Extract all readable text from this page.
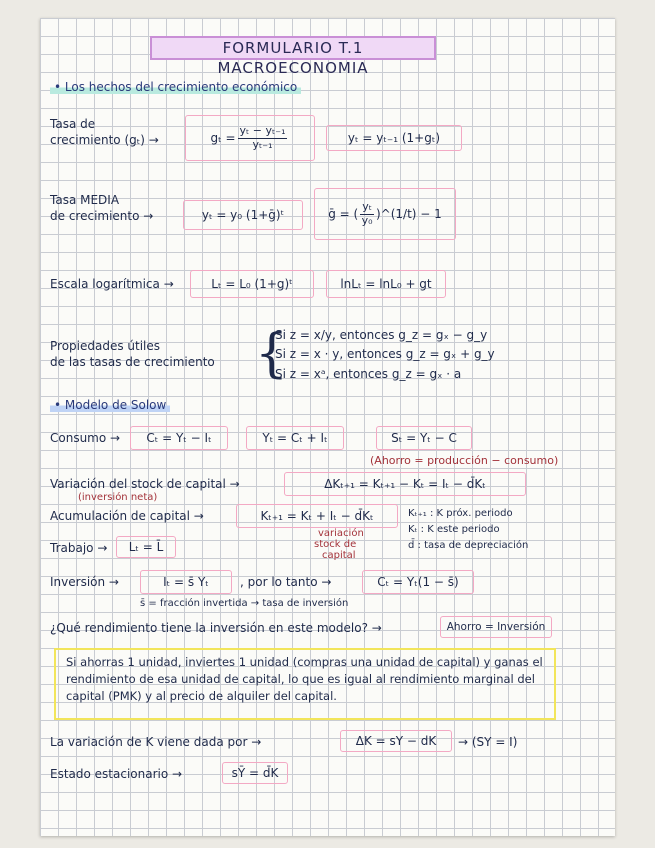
FORMULARIO T.1 MACROECONOMIA
• Los hechos del crecimiento económico
Tasa de
crecimiento (gₜ) →	$g_t = \frac{\text{yₜ − yₜ₋₁}}{\text{yₜ₋₁}}$	yₜ = yₜ₋₁ (1+gₜ)
Tasa MEDIA
de crecimiento →	yₜ = y₀ (1+ḡ)ᵗ	ḡ = ( $\frac{\text{yₜ}}{\text{y₀}}$ )^(1/t) − 1
Escala logarítmica →	Lₜ = L₀ (1+g)ᵗ	lnLₜ = lnL₀ + gt
Propiedades útiles
de las tasas de crecimiento {
Si z = x/y, entonces g_z = gₓ − g_y
Si z = x · y, entonces g_z = gₓ + g_y
Si z = xᵃ, entonces g_z = gₓ · a
• Modelo de Solow
Consumo →	Cₜ = Yₜ − Iₜ	Yₜ = Cₜ + Iₜ	Sₜ = Yₜ − C
(Ahorro = producción − consumo)
Variación del stock de capital →
(inversión neta)
ΔKₜ₊₁ = Kₜ₊₁ − Kₜ = Iₜ − d̄Kₜ
Acumulación de capital →	Kₜ₊₁ = Kₜ + Iₜ − d̄Kₜ
variación
stock de
capital
Kₜ₊₁ : K próx. periodo
Kₜ : K este periodo
d̄ : tasa de depreciación
Trabajo →	Lₜ = L̄
Inversión →	Iₜ = s̄ Yₜ	, por lo tanto →	Cₜ = Yₜ(1 − s̄)
s̄ = fracción invertida → tasa de inversión
¿Qué rendimiento tiene la inversión en este modelo? →	Ahorro = Inversión
Si ahorras 1 unidad, inviertes 1 unidad (compras una unidad de capital) y ganas el rendimiento de esa unidad de capital, lo que es igual al rendimiento marginal del capital (PMK) y al precio de alquiler del capital.
La variación de K viene dada por →	ΔK = sY − dK	→ (SY = I)
Estado estacionario →	sȲ = d̄K
